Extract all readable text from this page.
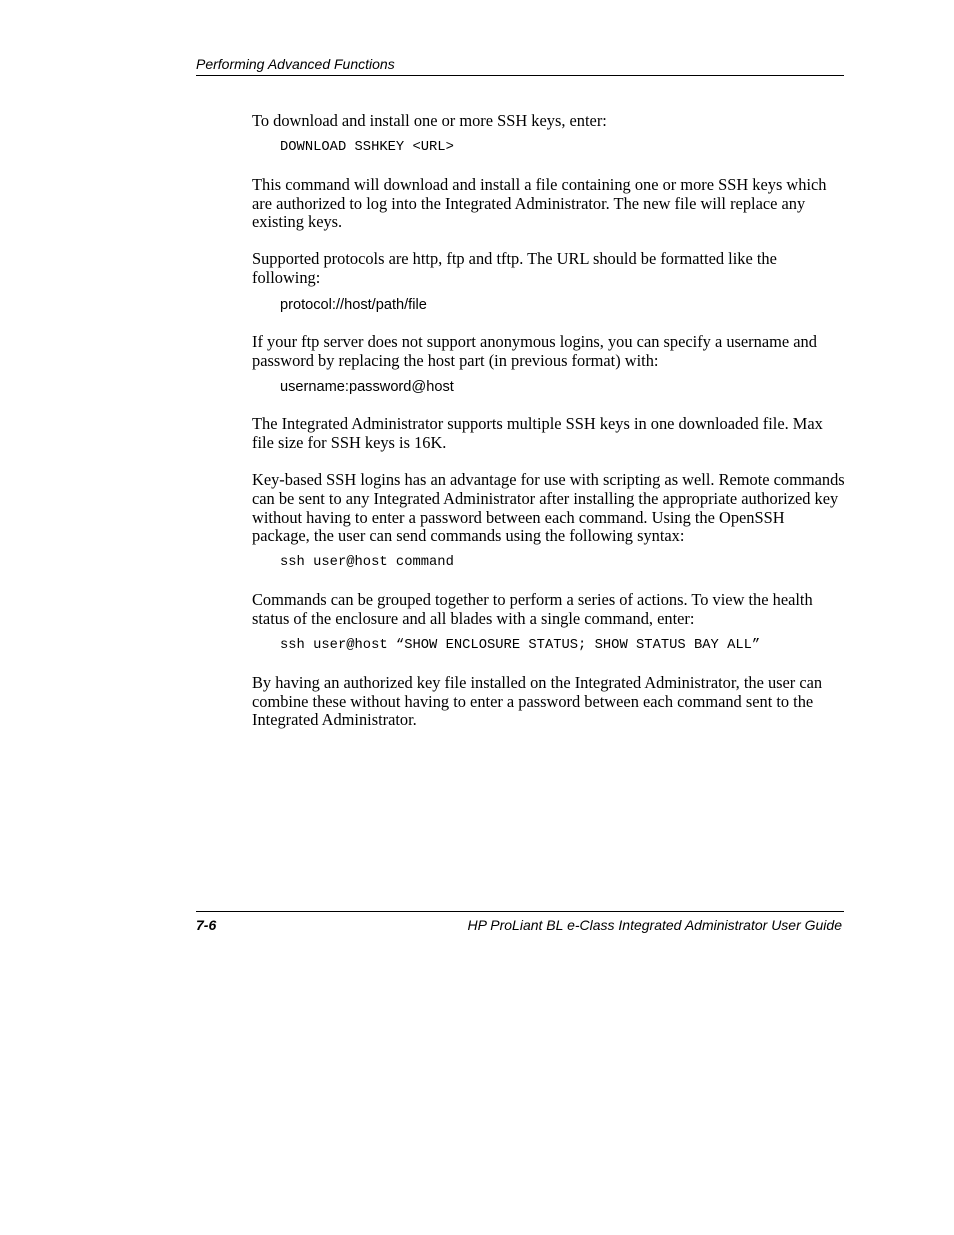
Performing Advanced Functions

To download and install one or more SSH keys, enter:

DOWNLOAD SSHKEY <URL>

This command will download and install a file containing one or more SSH keys which are authorized to log into the Integrated Administrator. The new file will replace any existing keys.

Supported protocols are http, ftp and tftp. The URL should be formatted like the following:

protocol://host/path/file

If your ftp server does not support anonymous logins, you can specify a username and password by replacing the host part (in previous format) with:

username:password@host

The Integrated Administrator supports multiple SSH keys in one downloaded file. Max file size for SSH keys is 16K.

Key-based SSH logins has an advantage for use with scripting as well. Remote commands can be sent to any Integrated Administrator after installing the appropriate authorized key without having to enter a password between each command. Using the OpenSSH package, the user can send commands using the following syntax:

ssh user@host command

Commands can be grouped together to perform a series of actions. To view the health status of the enclosure and all blades with a single command, enter:

ssh user@host “SHOW ENCLOSURE STATUS; SHOW STATUS BAY ALL”

By having an authorized key file installed on the Integrated Administrator, the user can combine these without having to enter a password between each command sent to the Integrated Administrator.

7-6	HP ProLiant BL e-Class Integrated Administrator User Guide
